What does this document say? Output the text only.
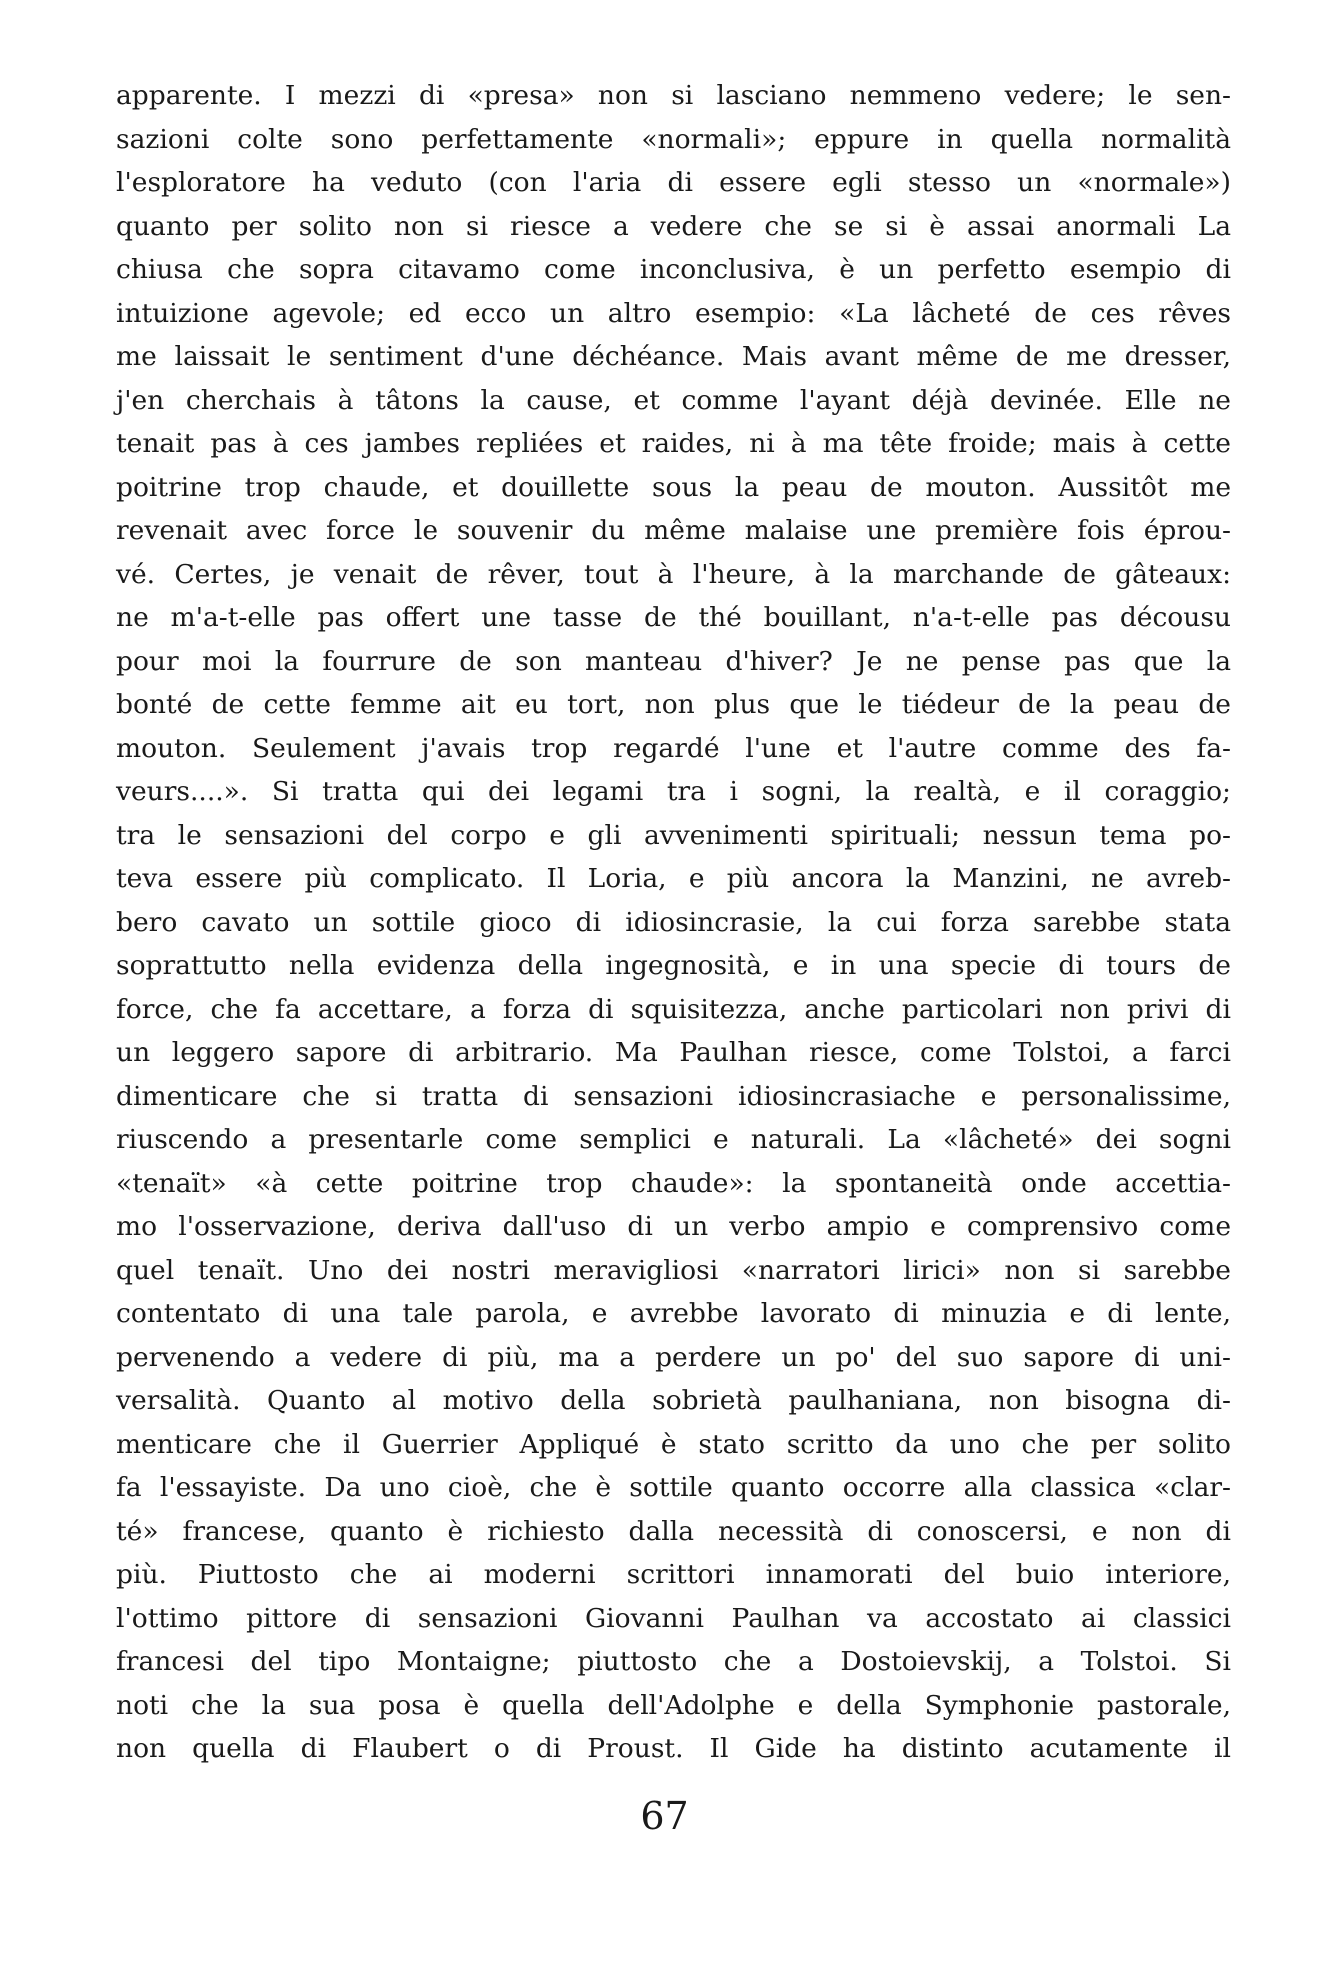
apparente. I mezzi di «presa» non si lasciano nemmeno vedere; le sen-
sazioni colte sono perfettamente «normali»; eppure in quella normalità
l'esploratore ha veduto (con l'aria di essere egli stesso un «normale»)
quanto per solito non si riesce a vedere che se si è assai anormali La
chiusa che sopra citavamo come inconclusiva, è un perfetto esempio di
intuizione agevole; ed ecco un altro esempio: «La lâcheté de ces rêves
me laissait le sentiment d'une déchéance. Mais avant même de me dresser,
j'en cherchais à tâtons la cause, et comme l'ayant déjà devinée. Elle ne
tenait pas à ces jambes repliées et raides, ni à ma tête froide; mais à cette
poitrine trop chaude, et douillette sous la peau de mouton. Aussitôt me
revenait avec force le souvenir du même malaise une première fois éprou-
vé. Certes, je venait de rêver, tout à l'heure, à la marchande de gâteaux:
ne m'a-t-elle pas offert une tasse de thé bouillant, n'a-t-elle pas décousu
pour moi la fourrure de son manteau d'hiver? Je ne pense pas que la
bonté de cette femme ait eu tort, non plus que le tiédeur de la peau de
mouton. Seulement j'avais trop regardé l'une et l'autre comme des fa-
veurs....». Si tratta qui dei legami tra i sogni, la realtà, e il coraggio;
tra le sensazioni del corpo e gli avvenimenti spirituali; nessun tema po-
teva essere più complicato. Il Loria, e più ancora la Manzini, ne avreb-
bero cavato un sottile gioco di idiosincrasie, la cui forza sarebbe stata
soprattutto nella evidenza della ingegnosità, e in una specie di tours de
force, che fa accettare, a forza di squisitezza, anche particolari non privi di
un leggero sapore di arbitrario. Ma Paulhan riesce, come Tolstoi, a farci
dimenticare che si tratta di sensazioni idiosincrasiache e personalissime,
riuscendo a presentarle come semplici e naturali. La «lâcheté» dei sogni
«tenaït» «à cette poitrine trop chaude»: la spontaneità onde accettia-
mo l'osservazione, deriva dall'uso di un verbo ampio e comprensivo come
quel tenaït. Uno dei nostri meravigliosi «narratori lirici» non si sarebbe
contentato di una tale parola, e avrebbe lavorato di minuzia e di lente,
pervenendo a vedere di più, ma a perdere un po' del suo sapore di uni-
versalità. Quanto al motivo della sobrietà paulhaniana, non bisogna di-
menticare che il Guerrier Appliqué è stato scritto da uno che per solito
fa l'essayiste. Da uno cioè, che è sottile quanto occorre alla classica «clar-
té» francese, quanto è richiesto dalla necessità di conoscersi, e non di
più. Piuttosto che ai moderni scrittori innamorati del buio interiore,
l'ottimo pittore di sensazioni Giovanni Paulhan va accostato ai classici
francesi del tipo Montaigne; piuttosto che a Dostoievskij, a Tolstoi. Si
noti che la sua posa è quella dell'Adolphe e della Symphonie pastorale,
non quella di Flaubert o di Proust. Il Gide ha distinto acutamente il
67
